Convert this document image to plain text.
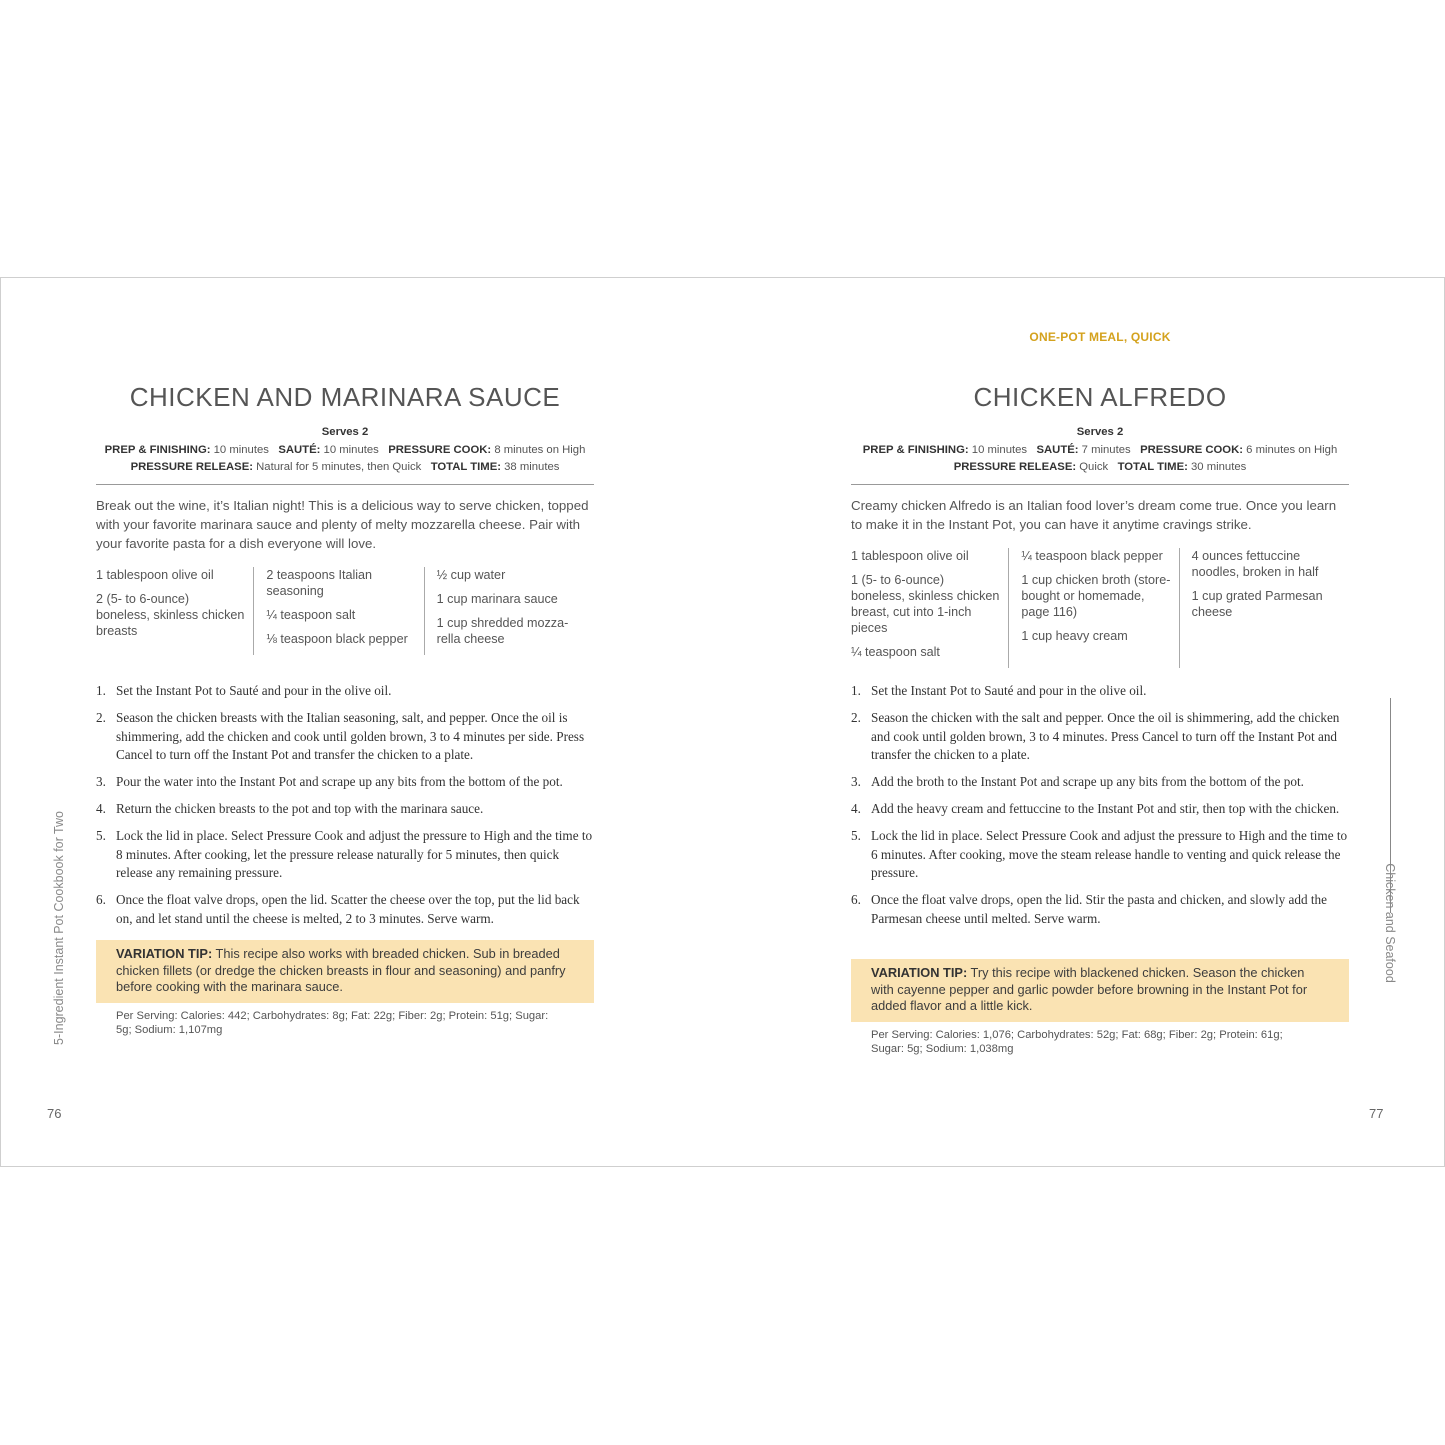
CHICKEN AND MARINARA SAUCE
Serves 2
PREP & FINISHING: 10 minutes SAUTÉ: 10 minutes PRESSURE COOK: 8 minutes on High
PRESSURE RELEASE: Natural for 5 minutes, then Quick TOTAL TIME: 38 minutes

Break out the wine, it’s Italian night! This is a delicious way to serve chicken, topped with your favorite marinara sauce and plenty of melty mozzarella cheese. Pair with your favorite pasta for a dish everyone will love.

1 tablespoon olive oil

2 (5- to 6-ounce) boneless, skinless chicken breasts

2 teaspoons Italian seasoning

¼ teaspoon salt

⅛ teaspoon black pepper

½ cup water

1 cup marinara sauce

1 cup shredded mozza-rella cheese

1. Set the Instant Pot to Sauté and pour in the olive oil.
2. Season the chicken breasts with the Italian seasoning, salt, and pepper. Once the oil is shimmering, add the chicken and cook until golden brown, 3 to 4 minutes per side. Press Cancel to turn off the Instant Pot and transfer the chicken to a plate.
3. Pour the water into the Instant Pot and scrape up any bits from the bottom of the pot.
4. Return the chicken breasts to the pot and top with the marinara sauce.
5. Lock the lid in place. Select Pressure Cook and adjust the pressure to High and the time to 8 minutes. After cooking, let the pressure release naturally for 5 minutes, then quick release any remaining pressure.
6. Once the float valve drops, open the lid. Scatter the cheese over the top, put the lid back on, and let stand until the cheese is melted, 2 to 3 minutes. Serve warm.
VARIATION TIP: This recipe also works with breaded chicken. Sub in breaded chicken fillets (or dredge the chicken breasts in flour and seasoning) and panfry before cooking with the marinara sauce.
Per Serving: Calories: 442; Carbohydrates: 8g; Fat: 22g; Fiber: 2g; Protein: 51g; Sugar: 5g; Sodium: 1,107mg
76
5-Ingredient Instant Pot Cookbook for Two
ONE-POT MEAL, QUICK
CHICKEN ALFREDO
Serves 2
PREP & FINISHING: 10 minutes SAUTÉ: 7 minutes PRESSURE COOK: 6 minutes on High
PRESSURE RELEASE: Quick TOTAL TIME: 30 minutes

Creamy chicken Alfredo is an Italian food lover’s dream come true. Once you learn to make it in the Instant Pot, you can have it anytime cravings strike.

1 tablespoon olive oil

1 (5- to 6-ounce) boneless, skinless chicken breast, cut into 1-inch pieces

¼ teaspoon salt

¼ teaspoon black pepper

1 cup chicken broth (store-bought or homemade, page 116)

1 cup heavy cream

4 ounces fettuccine noodles, broken in half

1 cup grated Parmesan cheese

1. Set the Instant Pot to Sauté and pour in the olive oil.
2. Season the chicken with the salt and pepper. Once the oil is shimmering, add the chicken and cook until golden brown, 3 to 4 minutes. Press Cancel to turn off the Instant Pot and transfer the chicken to a plate.
3. Add the broth to the Instant Pot and scrape up any bits from the bottom of the pot.
4. Add the heavy cream and fettuccine to the Instant Pot and stir, then top with the chicken.
5. Lock the lid in place. Select Pressure Cook and adjust the pressure to High and the time to 6 minutes. After cooking, move the steam release handle to venting and quick release the pressure.
6. Once the float valve drops, open the lid. Stir the pasta and chicken, and slowly add the Parmesan cheese until melted. Serve warm.
VARIATION TIP: Try this recipe with blackened chicken. Season the chicken with cayenne pepper and garlic powder before browning in the Instant Pot for added flavor and a little kick.
Per Serving: Calories: 1,076; Carbohydrates: 52g; Fat: 68g; Fiber: 2g; Protein: 61g; Sugar: 5g; Sodium: 1,038mg
77
Chicken and Seafood
